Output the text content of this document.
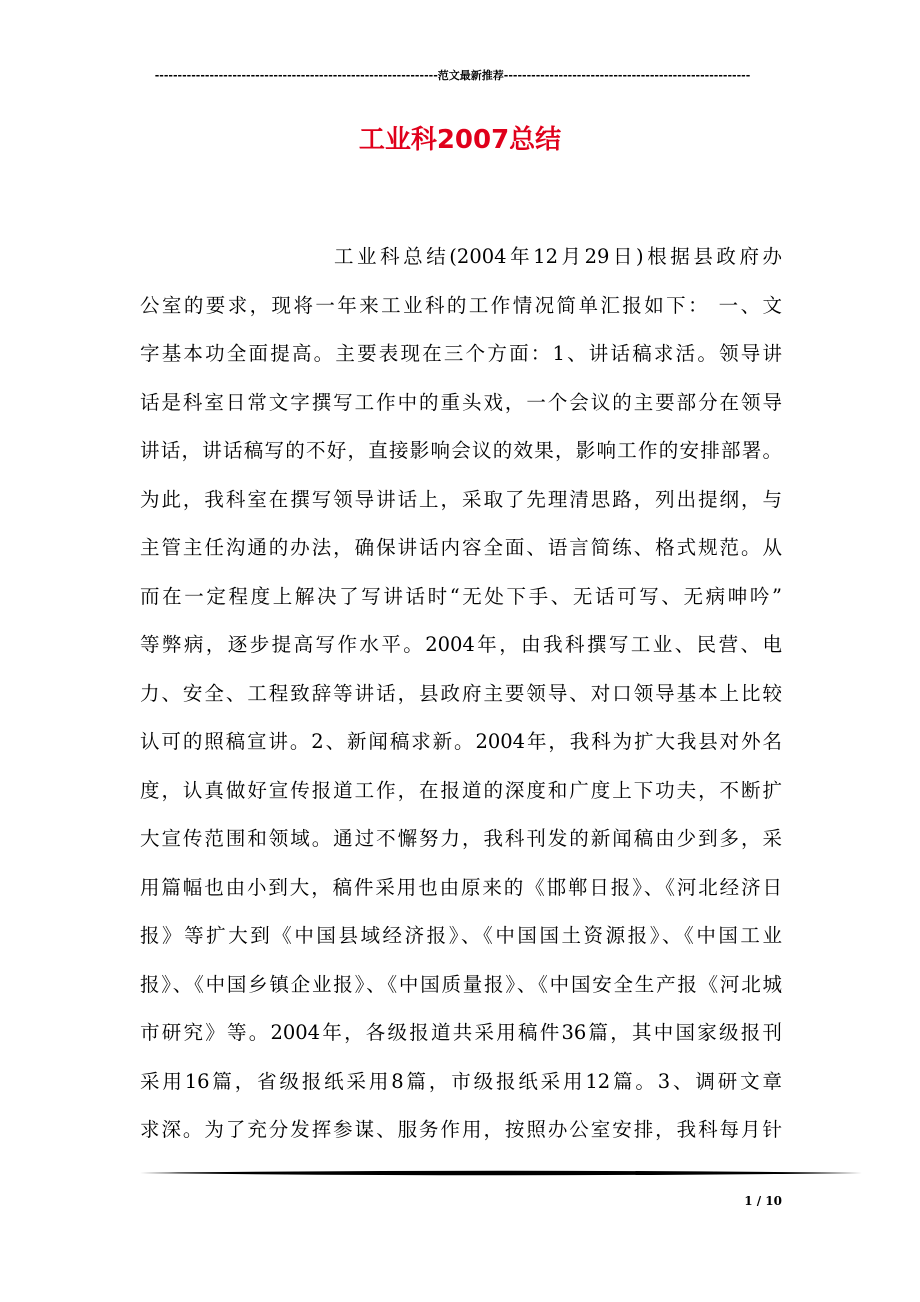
--------------------------------------------------------------范文最新推荐------------------------------------------------------
工业科2007总结
工业科总结(2004年12月29日)根据县政府办
公室的要求，现将一年来工业科的工作情况简单汇报如下： 一、文
字基本功全面提高。主要表现在三个方面：1、讲话稿求活。领导讲
话是科室日常文字撰写工作中的重头戏，一个会议的主要部分在领导
讲话，讲话稿写的不好，直接影响会议的效果，影响工作的安排部署。
为此，我科室在撰写领导讲话上，采取了先理清思路，列出提纲，与
主管主任沟通的办法，确保讲话内容全面、语言简练、格式规范。从
而在一定程度上解决了写讲话时“无处下手、无话可写、无病呻吟”
等弊病，逐步提高写作水平。2004年，由我科撰写工业、民营、电
力、安全、工程致辞等讲话，县政府主要领导、对口领导基本上比较
认可的照稿宣讲。2、新闻稿求新。2004年，我科为扩大我县对外名
度，认真做好宣传报道工作，在报道的深度和广度上下功夫，不断扩
大宣传范围和领域。通过不懈努力，我科刊发的新闻稿由少到多，采
用篇幅也由小到大，稿件采用也由原来的《邯郸日报》、《河北经济日
报》等扩大到《中国县域经济报》、《中国国土资源报》、《中国工业
报》、《中国乡镇企业报》、《中国质量报》、《中国安全生产报《河北城
市研究》等。2004年，各级报道共采用稿件36篇，其中国家级报刊
采用16篇，省级报纸采用8篇，市级报纸采用12篇。3、调研文章
求深。为了充分发挥参谋、服务作用，按照办公室安排，我科每月针
1 / 10
